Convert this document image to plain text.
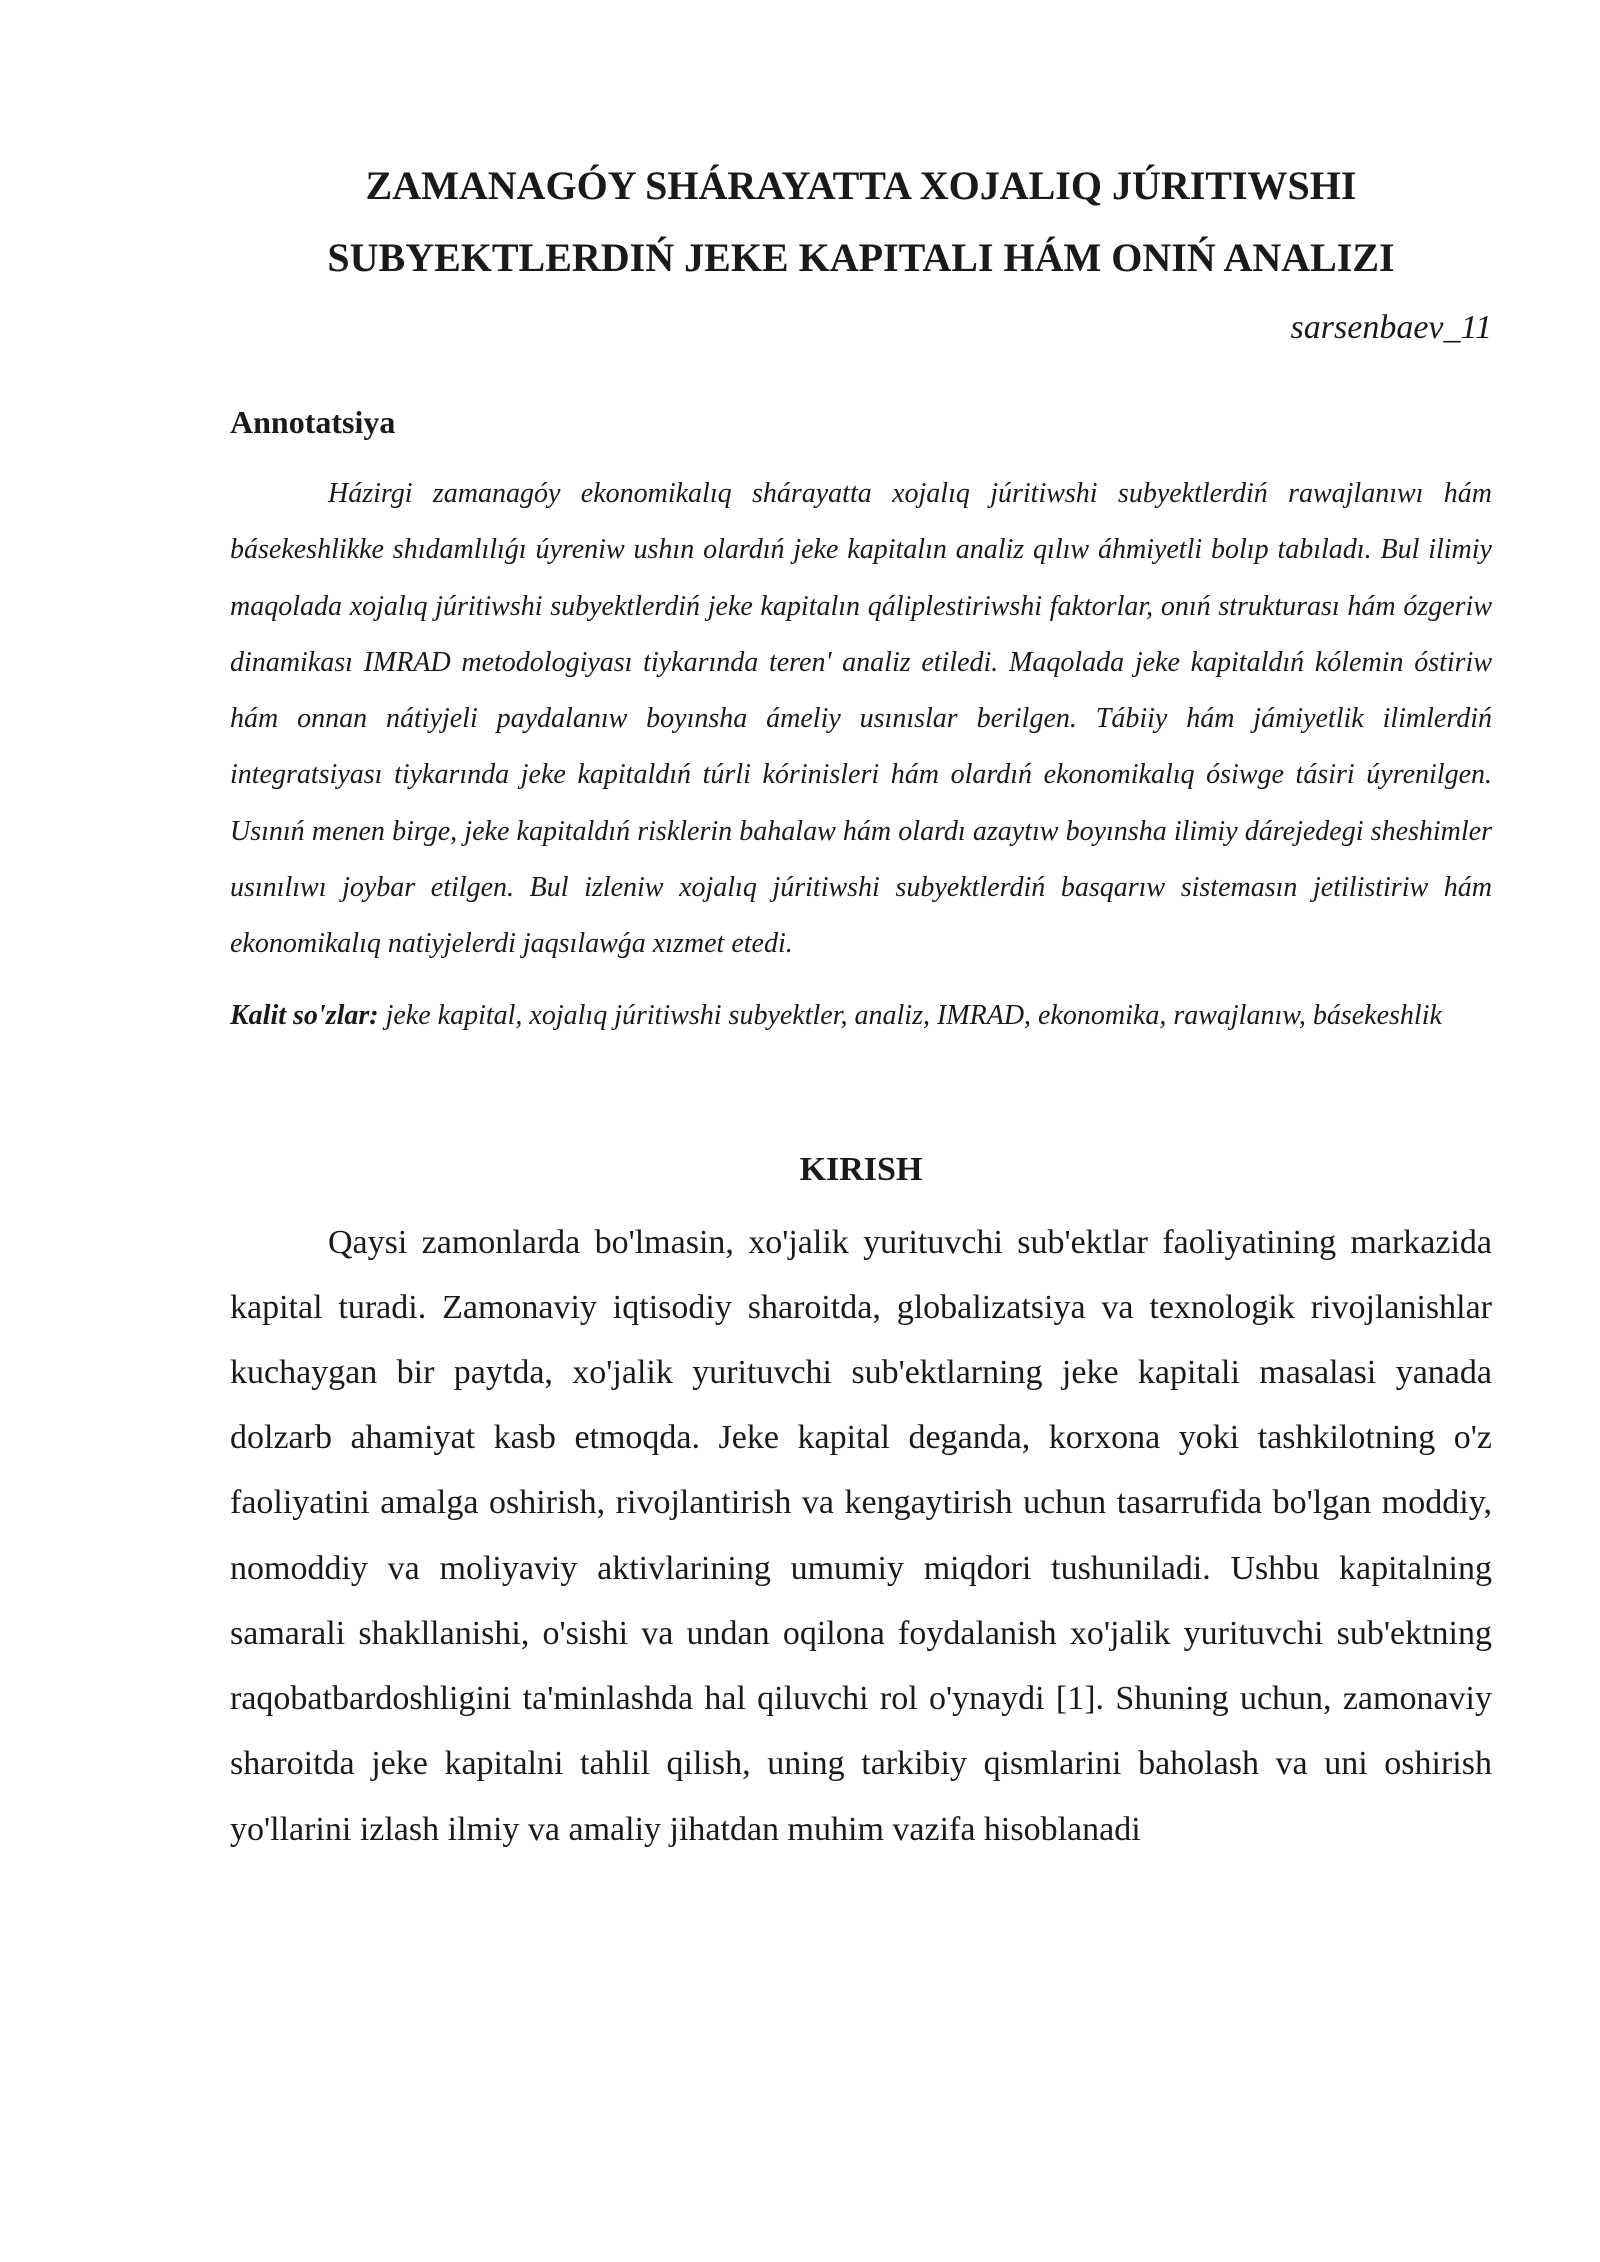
ZAMANAGÓY SHÁRAYATTA XOJALIQ JÚRITIWSHI
SUBYEKTLERDIŃ JEKE KAPITALI HÁM ONIŃ ANALIZI

sarsenbaev_11

Annotatsiya

Házirgi zamanagóy ekonomikalıq shárayatta xojalıq júritiwshi subyektlerdiń rawajlanıwı hám básekeshlikke shıdamlılıǵı úyreniw ushın olardıń jeke kapitalın analiz qılıw áhmiyetli bolıp tabıladı. Bul ilimiy maqolada xojalıq júritiwshi subyektlerdiń jeke kapitalın qáliplestiriwshi faktorlar, onıń strukturası hám ózgeriw dinamikası IMRAD metodologiyası tiykarında teren' analiz etiledi. Maqolada jeke kapitaldıń kólemin óstiriw hám onnan nátiyjeli paydalanıw boyınsha ámeliy usınıslar berilgen. Tábiiy hám jámiyetlik ilimlerdiń integratsiyası tiykarında jeke kapitaldıń túrli kórinisleri hám olardıń ekonomikalıq ósiwge tásiri úyrenilgen. Usınıń menen birge, jeke kapitaldıń risklerin bahalaw hám olardı azaytıw boyınsha ilimiy dárejedegi sheshimler usınılıwı joybar etilgen. Bul izleniw xojalıq júritiwshi subyektlerdiń basqarıw sistemasın jetilistiriw hám ekonomikalıq natiyjelerdi jaqsılawǵa xızmet etedi.

Kalit so'zlar: jeke kapital, xojalıq júritiwshi subyektler, analiz, IMRAD, ekonomika, rawajlanıw, básekeshlik

KIRISH

Qaysi zamonlarda bo'lmasin, xo'jalik yurituvchi sub'ektlar faoliyatining markazida kapital turadi. Zamonaviy iqtisodiy sharoitda, globalizatsiya va texnologik rivojlanishlar kuchaygan bir paytda, xo'jalik yurituvchi sub'ektlarning jeke kapitali masalasi yanada dolzarb ahamiyat kasb etmoqda. Jeke kapital deganda, korxona yoki tashkilotning o'z faoliyatini amalga oshirish, rivojlantirish va kengaytirish uchun tasarrufida bo'lgan moddiy, nomoddiy va moliyaviy aktivlarining umumiy miqdori tushuniladi. Ushbu kapitalning samarali shakllanishi, o'sishi va undan oqilona foydalanish xo'jalik yurituvchi sub'ektning raqobatbardoshligini ta'minlashda hal qiluvchi rol o'ynaydi [1]. Shuning uchun, zamonaviy sharoitda jeke kapitalni tahlil qilish, uning tarkibiy qismlarini baholash va uni oshirish yo'llarini izlash ilmiy va amaliy jihatdan muhim vazifa hisoblanadi
